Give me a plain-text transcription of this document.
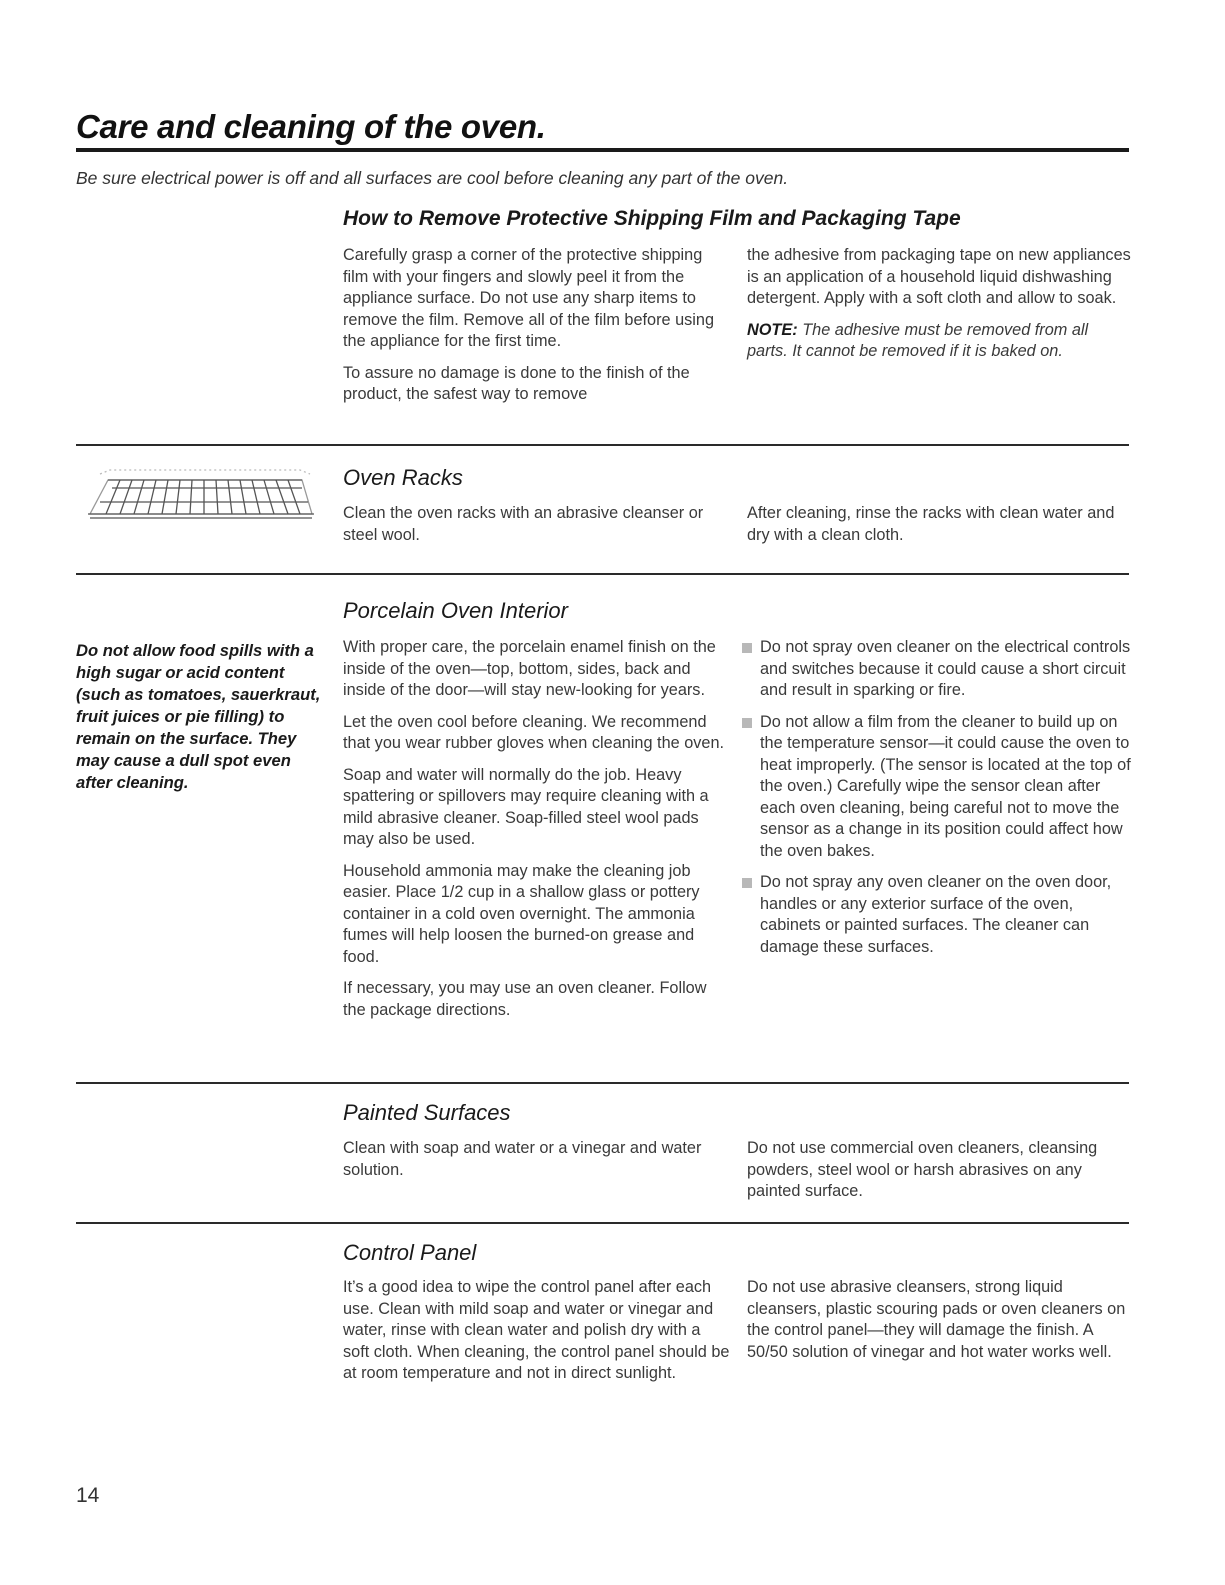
Care and cleaning of the oven.

Be sure electrical power is off and all surfaces are cool before cleaning any part of the oven.

How to Remove Protective Shipping Film and Packaging Tape

Carefully grasp a corner of the protective shipping film with your fingers and slowly peel it from the appliance surface. Do not use any sharp items to remove the film. Remove all of the film before using the appliance for the first time.

To assure no damage is done to the finish of the product, the safest way to remove

the adhesive from packaging tape on new appliances is an application of a household liquid dishwashing detergent. Apply with a soft cloth and allow to soak.

NOTE: The adhesive must be removed from all parts. It cannot be removed if it is baked on.

Oven Racks

Clean the oven racks with an abrasive cleanser or steel wool.

After cleaning, rinse the racks with clean water and dry with a clean cloth.

Porcelain Oven Interior
Do not allow food spills with a high sugar or acid content (such as tomatoes, sauerkraut, fruit juices or pie filling) to remain on the surface. They may cause a dull spot even after cleaning.

With proper care, the porcelain enamel finish on the inside of the oven—top, bottom, sides, back and inside of the door—will stay new-looking for years.

Let the oven cool before cleaning. We recommend that you wear rubber gloves when cleaning the oven.

Soap and water will normally do the job. Heavy spattering or spillovers may require cleaning with a mild abrasive cleaner. Soap-filled steel wool pads may also be used.

Household ammonia may make the cleaning job easier. Place 1/2 cup in a shallow glass or pottery container in a cold oven overnight. The ammonia fumes will help loosen the burned-on grease and food.

If necessary, you may use an oven cleaner. Follow the package directions.

Do not spray oven cleaner on the electrical controls and switches because it could cause a short circuit and result in sparking or fire.
Do not allow a film from the cleaner to build up on the temperature sensor—it could cause the oven to heat improperly. (The sensor is located at the top of the oven.) Carefully wipe the sensor clean after each oven cleaning, being careful not to move the sensor as a change in its position could affect how the oven bakes.
Do not spray any oven cleaner on the oven door, handles or any exterior surface of the oven, cabinets or painted surfaces. The cleaner can damage these surfaces.
Painted Surfaces

Clean with soap and water or a vinegar and water solution.

Do not use commercial oven cleaners, cleansing powders, steel wool or harsh abrasives on any painted surface.

Control Panel

It’s a good idea to wipe the control panel after each use. Clean with mild soap and water or vinegar and water, rinse with clean water and polish dry with a soft cloth. When cleaning, the control panel should be at room temperature and not in direct sunlight.

Do not use abrasive cleansers, strong liquid cleansers, plastic scouring pads or oven cleaners on the control panel—they will damage the finish. A 50/50 solution of vinegar and hot water works well.

14
